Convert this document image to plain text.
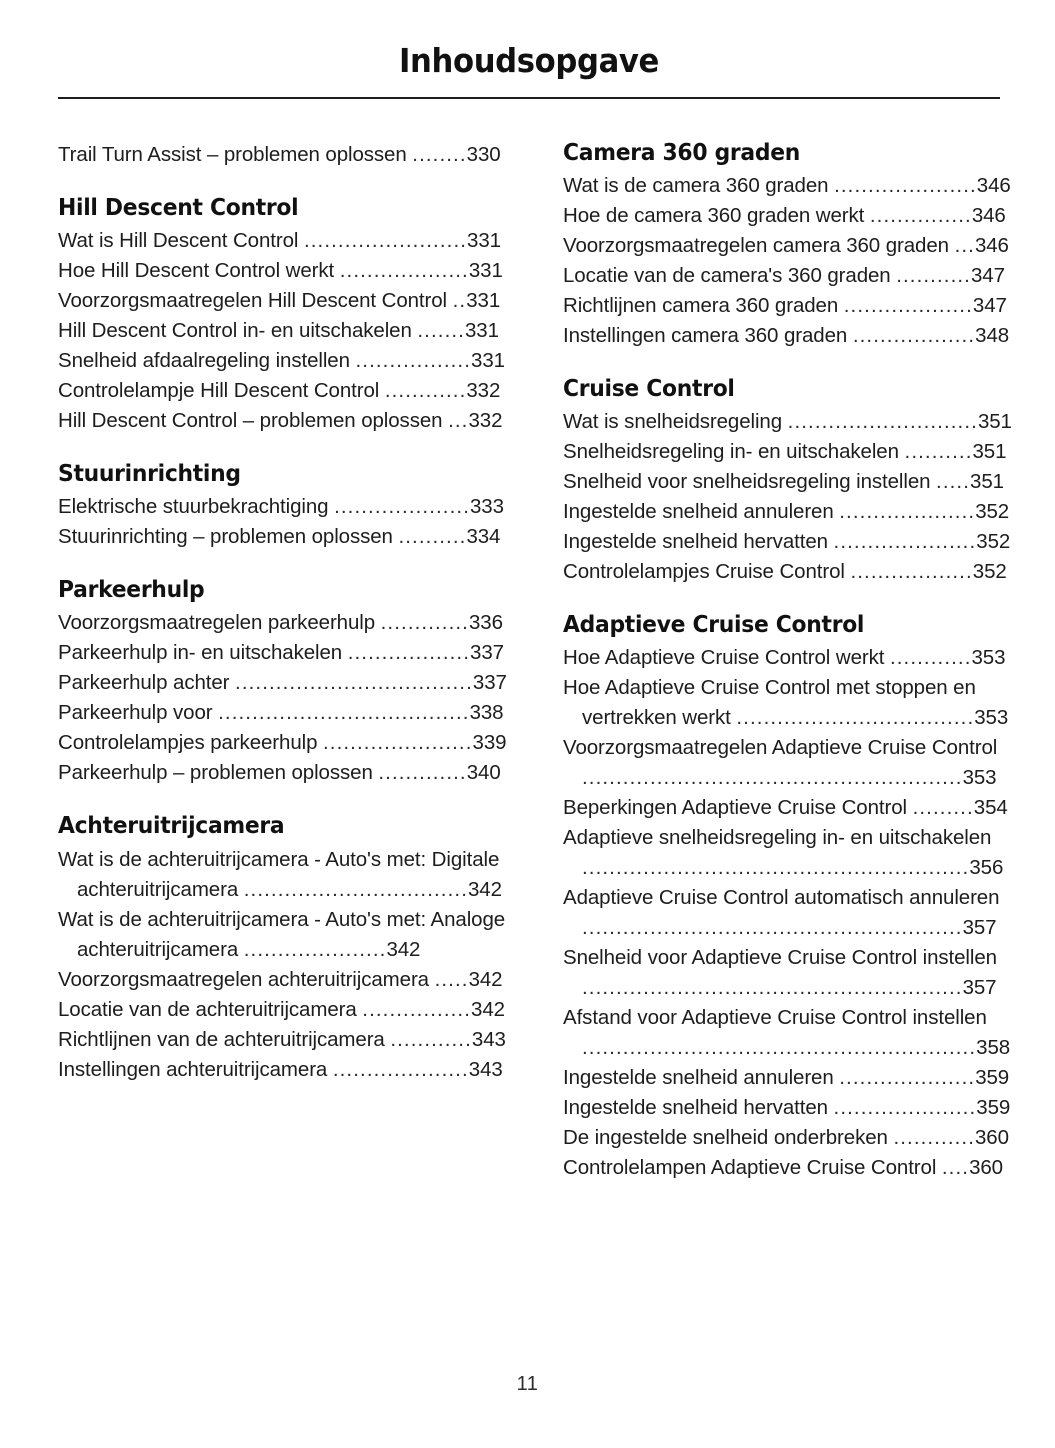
Inhoudsopgave

Trail Turn Assist – problemen oplossen ........330

Hill Descent Control

Wat is Hill Descent Control ........................331

Hoe Hill Descent Control werkt ...................331

Voorzorgsmaatregelen Hill Descent Control ..331

Hill Descent Control in- en uitschakelen .......331

Snelheid afdaalregeling instellen .................331

Controlelampje Hill Descent Control ............332

Hill Descent Control – problemen oplossen ...332

Stuurinrichting

Elektrische stuurbekrachtiging ....................333

Stuurinrichting – problemen oplossen ..........334

Parkeerhulp

Voorzorgsmaatregelen parkeerhulp .............336

Parkeerhulp in- en uitschakelen ..................337

Parkeerhulp achter ...................................337

Parkeerhulp voor .....................................338

Controlelampjes parkeerhulp ......................339

Parkeerhulp – problemen oplossen .............340

Achteruitrijcamera

Wat is de achteruitrijcamera - Auto's met: Digitale achteruitrijcamera .................................342

Wat is de achteruitrijcamera - Auto's met: Analoge achteruitrijcamera .....................342

Voorzorgsmaatregelen achteruitrijcamera .....342

Locatie van de achteruitrijcamera ................342

Richtlijnen van de achteruitrijcamera ............343

Instellingen achteruitrijcamera ....................343

Camera 360 graden

Wat is de camera 360 graden .....................346

Hoe de camera 360 graden werkt ...............346

Voorzorgsmaatregelen camera 360 graden ...346

Locatie van de camera's 360 graden ...........347

Richtlijnen camera 360 graden ...................347

Instellingen camera 360 graden ..................348

Cruise Control

Wat is snelheidsregeling ............................351

Snelheidsregeling in- en uitschakelen ..........351

Snelheid voor snelheidsregeling instellen .....351

Ingestelde snelheid annuleren ....................352

Ingestelde snelheid hervatten .....................352

Controlelampjes Cruise Control ..................352

Adaptieve Cruise Control

Hoe Adaptieve Cruise Control werkt ............353

Hoe Adaptieve Cruise Control met stoppen en vertrekken werkt ...................................353

Voorzorgsmaatregelen Adaptieve Cruise Control ........................................................353

Beperkingen Adaptieve Cruise Control .........354

Adaptieve snelheidsregeling in- en uitschakelen .........................................................356

Adaptieve Cruise Control automatisch annuleren ........................................................357

Snelheid voor Adaptieve Cruise Control instellen ........................................................357

Afstand voor Adaptieve Cruise Control instellen ..........................................................358

Ingestelde snelheid annuleren ....................359

Ingestelde snelheid hervatten .....................359

De ingestelde snelheid onderbreken ............360

Controlelampen Adaptieve Cruise Control ....360

11
